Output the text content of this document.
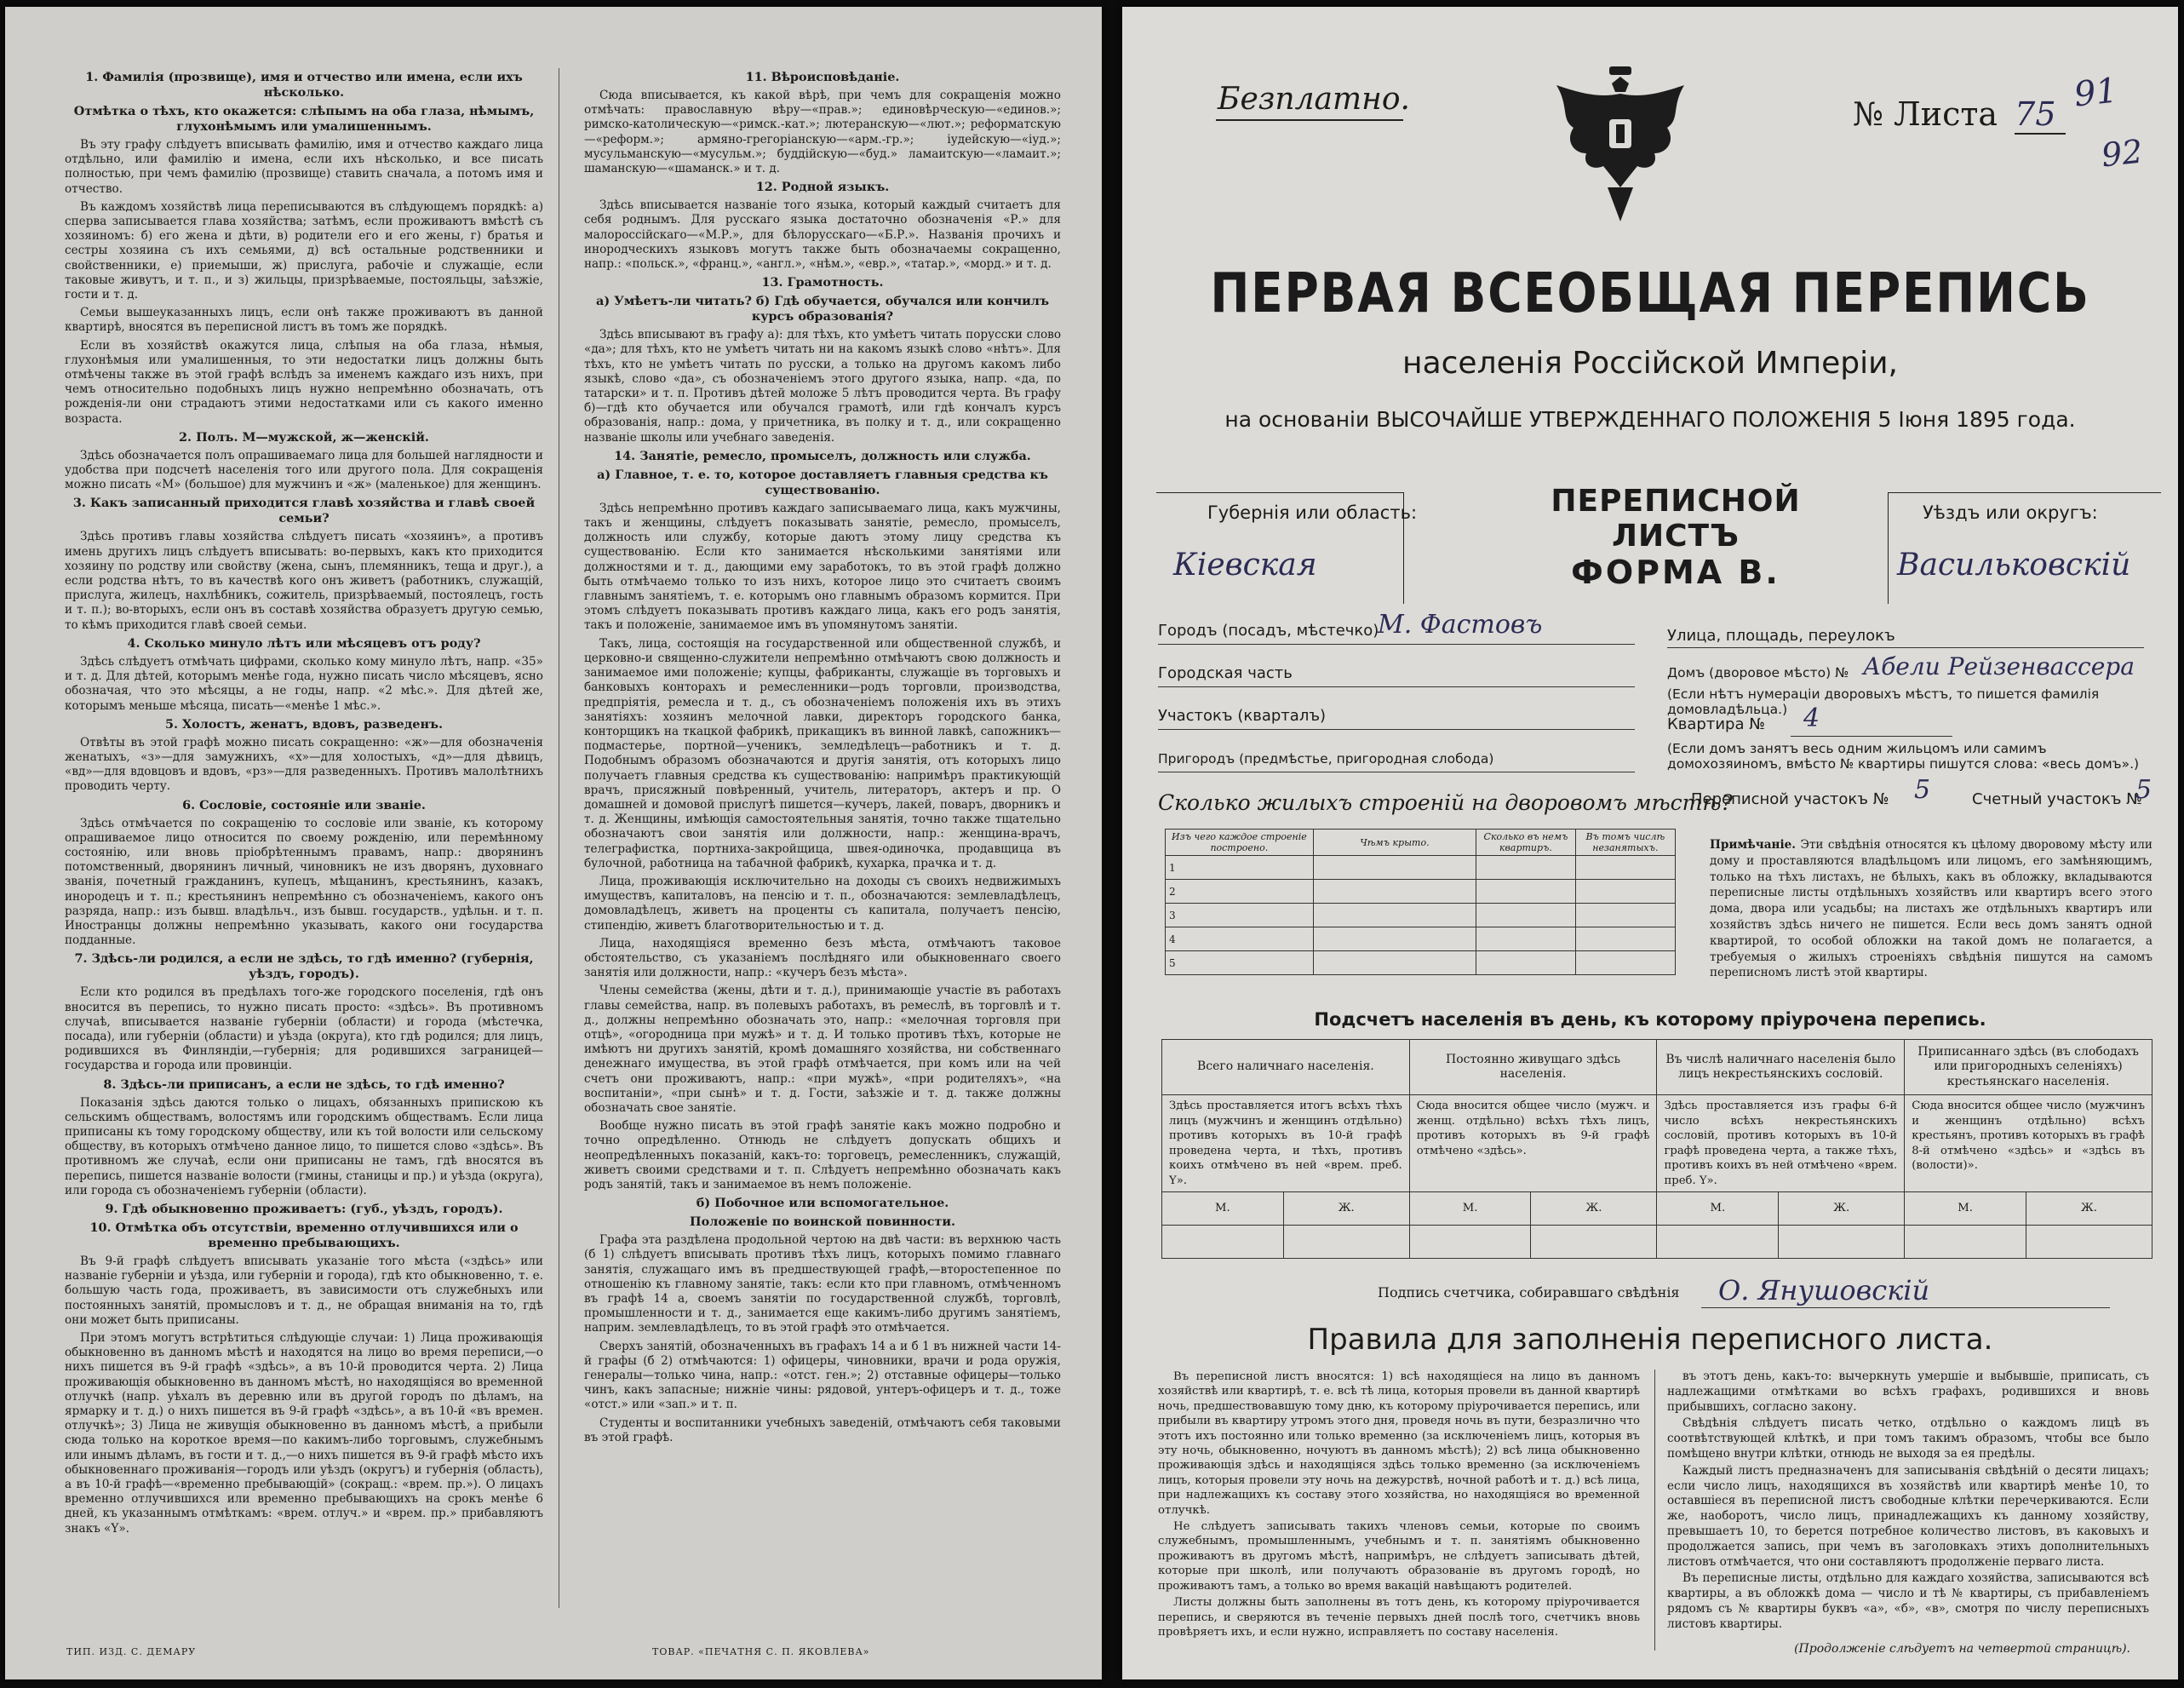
1. Фамилія (прозвище), имя и отчество или имена, если ихъ нѣсколько.
Отмѣтка о тѣхъ, кто окажется: слѣпымъ на оба глаза, нѣмымъ, глухонѣмымъ или умалишеннымъ.

Въ эту графу слѣдуетъ вписывать фамилію, имя и отчество каждаго лица отдѣльно, или фамилію и имена, если ихъ нѣсколько, и все писать полностью, при чемъ фамилію (прозвище) ставить сначала, а потомъ имя и отчество.

Въ каждомъ хозяйствѣ лица переписываются въ слѣдующемъ порядкѣ: а) сперва записывается глава хозяйства; затѣмъ, если проживаютъ вмѣстѣ съ хозяиномъ: б) его жена и дѣти, в) родители его и его жены, г) братья и сестры хозяина съ ихъ семьями, д) всѣ остальные родственники и свойственники, е) приемыши, ж) прислуга, рабочіе и служащіе, если таковые живутъ, и т. п., и з) жильцы, призрѣваемые, постояльцы, заѣзжіе, гости и т. д.

Семьи вышеуказанныхъ лицъ, если онѣ также проживаютъ въ данной квартирѣ, вносятся въ переписной листъ въ томъ же порядкѣ.

Если въ хозяйствѣ окажутся лица, слѣпыя на оба глаза, нѣмыя, глухонѣмыя или умалишенныя, то эти недостатки лицъ должны быть отмѣчены также въ этой графѣ вслѣдъ за именемъ каждаго изъ нихъ, при чемъ относительно подобныхъ лицъ нужно непремѣнно обозначать, отъ рожденія-ли они страдаютъ этими недостатками или съ какого именно возраста.

2. Полъ. М—мужской, ж—женскій.

Здѣсь обозначается полъ опрашиваемаго лица для большей наглядности и удобства при подсчетѣ населенія того или другого пола. Для сокращенія можно писать «М» (большое) для мужчинъ и «ж» (маленькое) для женщинъ.

3. Какъ записанный приходится главѣ хозяйства и главѣ своей семьи?

Здѣсь противъ главы хозяйства слѣдуетъ писать «хозяинъ», а противъ имень другихъ лицъ слѣдуетъ вписывать: во-первыхъ, какъ кто приходится хозяину по родству или свойству (жена, сынъ, племянникъ, теща и друг.), а если родства нѣтъ, то въ качествѣ кого онъ живетъ (работникъ, служащій, прислуга, жилецъ, нахлѣбникъ, сожитель, призрѣваемый, постоялецъ, гость и т. п.); во-вторыхъ, если онъ въ составѣ хозяйства образуетъ другую семью, то кѣмъ приходится главѣ своей семьи.

4. Сколько минуло лѣтъ или мѣсяцевъ отъ роду?

Здѣсь слѣдуетъ отмѣчать цифрами, сколько кому минуло лѣтъ, напр. «35» и т. д. Для дѣтей, которымъ менѣе года, нужно писать число мѣсяцевъ, ясно обозначая, что это мѣсяцы, а не годы, напр. «2 мѣс.». Для дѣтей же, которымъ меньше мѣсяца, писать—«менѣе 1 мѣс.».

5. Холостъ, женатъ, вдовъ, разведенъ.

Отвѣты въ этой графѣ можно писать сокращенно: «ж»—для обозначенія женатыхъ, «з»—для замужнихъ, «х»—для холостыхъ, «д»—для дѣвицъ, «вд»—для вдовцовъ и вдовъ, «рз»—для разведенныхъ. Противъ малолѣтнихъ проводить черту.

6. Сословіе, состояніе или званіе.

Здѣсь отмѣчается по сокращенію то сословіе или званіе, къ которому опрашиваемое лицо относится по своему рожденію, или перемѣнному состоянію, или вновь пріобрѣтеннымъ правамъ, напр.: дворянинъ потомственный, дворянинъ личный, чиновникъ не изъ дворянъ, духовнаго званія, почетный гражданинъ, купецъ, мѣщанинъ, крестьянинъ, казакъ, инородецъ и т. п.; крестьянинъ непремѣнно съ обозначеніемъ, какого онъ разряда, напр.: изъ бывш. владѣльч., изъ бывш. государств., удѣльн. и т. п. Иностранцы должны непремѣнно указывать, какого они государства подданные.

7. Здѣсь-ли родился, а если не здѣсь, то гдѣ именно? (губернія, уѣздъ, городъ).

Если кто родился въ предѣлахъ того-же городского поселенія, гдѣ онъ вносится въ перепись, то нужно писать просто: «здѣсь». Въ противномъ случаѣ, вписывается названіе губерніи (области) и города (мѣстечка, посада), или губерніи (области) и уѣзда (округа), кто гдѣ родился; для лицъ, родившихся въ Финляндіи,—губернія; для родившихся заграницей—государства и города или провинціи.

8. Здѣсь-ли приписанъ, а если не здѣсь, то гдѣ именно?

Показанія здѣсь даются только о лицахъ, обязанныхъ припискою къ сельскимъ обществамъ, волостямъ или городскимъ обществамъ. Если лица приписаны къ тому городскому обществу, или къ той волости или сельскому обществу, въ которыхъ отмѣчено данное лицо, то пишется слово «здѣсь». Въ противномъ же случаѣ, если они приписаны не тамъ, гдѣ вносятся въ перепись, пишется названіе волости (гмины, станицы и пр.) и уѣзда (округа), или города съ обозначеніемъ губерніи (области).

9. Гдѣ обыкновенно проживаетъ: (губ., уѣздъ, городъ).
10. Отмѣтка объ отсутствіи, временно отлучившихся или о временно пребывающихъ.

Въ 9-й графѣ слѣдуетъ вписывать указаніе того мѣста («здѣсь» или названіе губерніи и уѣзда, или губерніи и города), гдѣ кто обыкновенно, т. е. большую часть года, проживаетъ, въ зависимости отъ служебныхъ или постоянныхъ занятій, промысловъ и т. д., не обращая вниманія на то, гдѣ они может быть приписаны.

При этомъ могутъ встрѣтиться слѣдующіе случаи: 1) Лица проживающія обыкновенно въ данномъ мѣстѣ и находятся на лицо во время переписи,—о нихъ пишется въ 9-й графѣ «здѣсь», а въ 10-й проводится черта. 2) Лица проживающія обыкновенно въ данномъ мѣстѣ, но находящіяся во временной отлучкѣ (напр. уѣхалъ въ деревню или въ другой городъ по дѣламъ, на ярмарку и т. д.) о нихъ пишется въ 9-й графѣ «здѣсь», а въ 10-й «въ времен. отлучкѣ»; 3) Лица не живущія обыкновенно въ данномъ мѣстѣ, а прибыли сюда только на короткое время—по какимъ-либо торговымъ, служебнымъ или инымъ дѣламъ, въ гости и т. д.,—о нихъ пишется въ 9-й графѣ мѣсто ихъ обыкновеннаго проживанія—городъ или уѣздъ (округъ) и губернія (область), а въ 10-й графѣ—«временно пребывающій» (сокращ.: «врем. пр.»). О лицахъ временно отлучившихся или временно пребывающихъ на срокъ менѣе 6 дней, къ указаннымъ отмѣткамъ: «врем. отлуч.» и «врем. пр.» прибавляютъ знакъ «Y».

11. Вѣроисповѣданіе.

Сюда вписывается, къ какой вѣрѣ, при чемъ для сокращенія можно отмѣчать: православную вѣру—«прав.»; единовѣрческую—«единов.»; римско-католическую—«римск.-кат.»; лютеранскую—«лют.»; реформатскую—«реформ.»; армяно-грегоріанскую—«арм.-гр.»; іудейскую—«іуд.»; мусульманскую—«мусульм.»; буддійскую—«буд.» ламаитскую—«ламаит.»; шаманскую—«шаманск.» и т. д.

12. Родной языкъ.

Здѣсь вписывается названіе того языка, который каждый считаетъ для себя роднымъ. Для русскаго языка достаточно обозначенія «Р.» для малороссійскаго—«М.Р.», для бѣлорусскаго—«Б.Р.». Названія прочихъ и инородческихъ языковъ могутъ также быть обозначаемы сокращенно, напр.: «польск.», «франц.», «англ.», «нѣм.», «евр.», «татар.», «морд.» и т. д.

13. Грамотность.
а) Умѣетъ-ли читать? б) Гдѣ обучается, обучался или кончилъ курсъ образованія?

Здѣсь вписывают въ графу а): для тѣхъ, кто умѣетъ читать порусски слово «да»; для тѣхъ, кто не умѣетъ читать ни на какомъ языкѣ слово «нѣтъ». Для тѣхъ, кто не умѣетъ читать по русски, а только на другомъ какомъ либо языкѣ, слово «да», съ обозначеніемъ этого другого языка, напр. «да, по татарски» и т. п. Противъ дѣтей моложе 5 лѣтъ проводится черта. Въ графу б)—гдѣ кто обучается или обучался грамотѣ, или гдѣ кончалъ курсъ образованія, напр.: дома, у причетника, въ полку и т. д., или сокращенно названіе школы или учебнаго заведенія.

14. Занятіе, ремесло, промыселъ, должность или служба.
а) Главное, т. е. то, которое доставляетъ главныя средства къ существованію.

Здѣсь непремѣнно противъ каждаго записываемаго лица, какъ мужчины, такъ и женщины, слѣдуетъ показывать занятіе, ремесло, промыселъ, должность или службу, которые даютъ этому лицу средства къ существованію. Если кто занимается нѣсколькими занятіями или должностями и т. д., дающими ему заработокъ, то въ этой графѣ должно быть отмѣчаемо только то изъ нихъ, которое лицо это считаетъ своимъ главнымъ занятіемъ, т. е. которымъ оно главнымъ образомъ кормится. При этомъ слѣдуетъ показывать противъ каждаго лица, какъ его родъ занятія, такъ и положеніе, занимаемое имъ въ упомянутомъ занятіи.

Такъ, лица, состоящія на государственной или общественной службѣ, и церковно-и священно-служители непремѣнно отмѣчаютъ свою должность и занимаемое ими положеніе; купцы, фабриканты, служащіе въ торговыхъ и банковыхъ конторахъ и ремесленники—родъ торговли, производства, предпріятія, ремесла и т. д., съ обозначеніемъ положенія ихъ въ этихъ занятіяхъ: хозяинъ мелочной лавки, директоръ городского банка, конторщикъ на ткацкой фабрикѣ, прикащикъ въ винной лавкѣ, сапожникъ—подмастерье, портной—ученикъ, земледѣлецъ—работникъ и т. д. Подобнымъ образомъ обозначаются и другія занятія, отъ которыхъ лицо получаетъ главныя средства къ существованію: напримѣръ практикующій врачъ, присяжный повѣренный, учитель, литераторъ, актеръ и пр. О домашней и домовой прислугѣ пишется—кучеръ, лакей, поваръ, дворникъ и т. д. Женщины, имѣющія самостоятельныя занятія, точно также тщательно обозначаютъ свои занятія или должности, напр.: женщина-врачъ, телеграфистка, портниха-закройщица, швея-одиночка, продавщица въ булочной, работница на табачной фабрикѣ, кухарка, прачка и т. д.

Лица, проживающія исключительно на доходы съ своихъ недвижимыхъ имуществъ, капиталовъ, на пенсію и т. п., обозначаются: землевладѣлецъ, домовладѣлецъ, живетъ на проценты съ капитала, получаетъ пенсію, стипендію, живетъ благотворительностью и т. д.

Лица, находящіяся временно безъ мѣста, отмѣчаютъ таковое обстоятельство, съ указаніемъ послѣдняго или обыкновеннаго своего занятія или должности, напр.: «кучеръ безъ мѣста».

Члены семейства (жены, дѣти и т. д.), принимающіе участіе въ работахъ главы семейства, напр. въ полевыхъ работахъ, въ ремеслѣ, въ торговлѣ и т. д., должны непремѣнно обозначать это, напр.: «мелочная торговля при отцѣ», «огородница при мужѣ» и т. д. И только противъ тѣхъ, которые не имѣютъ ни другихъ занятій, кромѣ домашняго хозяйства, ни собственнаго денежнаго имущества, въ этой графѣ отмѣчается, при комъ или на чей счетъ они проживаютъ, напр.: «при мужѣ», «при родителяхъ», «на воспитаніи», «при сынѣ» и т. д. Гости, заѣзжіе и т. д. также должны обозначать свое занятіе.

Вообще нужно писать въ этой графѣ занятіе какъ можно подробно и точно опредѣленно. Отнюдь не слѣдуетъ допускать общихъ и неопредѣленныхъ показаній, какъ-то: торговецъ, ремесленникъ, служащій, живетъ своими средствами и т. п. Слѣдуетъ непремѣнно обозначать какъ родъ занятій, такъ и занимаемое въ немъ положеніе.

б) Побочное или вспомогательное.
Положеніе по воинской повинности.

Графа эта раздѣлена продольной чертою на двѣ части: въ верхнюю часть (б 1) слѣдуетъ вписывать противъ тѣхъ лицъ, которыхъ помимо главнаго занятія, служащаго имъ въ предшествующей графѣ,—второстепенное по отношенію къ главному занятіе, такъ: если кто при главномъ, отмѣченномъ въ графѣ 14 а, своемъ занятіи по государственной службѣ, торговлѣ, промышленности и т. д., занимается еще какимъ-либо другимъ занятіемъ, наприм. землевладѣлецъ, то въ этой графѣ это отмѣчается.

Сверхъ занятій, обозначенныхъ въ графахъ 14 а и б 1 въ нижней части 14-й графы (б 2) отмѣчаются: 1) офицеры, чиновники, врачи и рода оружія, генералы—только чина, напр.: «отст. ген.»; 2) отставные офицеры—только чинъ, какъ запасные; нижніе чины: рядовой, унтеръ-офицеръ и т. д., тоже «отст.» или «зап.» и т. п.

Студенты и воспитанники учебныхъ заведеній, отмѣчаютъ себя таковыми въ этой графѣ.

ТИП. ИЗД. С. ДЕМАРУ	ТОВАР. «ПЕЧАТНЯ С. П. ЯКОВЛЕВА»
Безплатно.	№ Листа 75 91
92
ПЕРВАЯ ВСЕОБЩАЯ ПЕРЕПИСЬ
населенія Россійской Имперіи,
на основаніи ВЫСОЧАЙШЕ УТВЕРЖДЕННАГО ПОЛОЖЕНІЯ 5 Іюня 1895 года.
Губернія или область:
Кіевская
ПЕРЕПИСНОЙ ЛИСТЪ
ФОРМА В.
Уѣздъ или округъ:
Васильковскій
Городъ (посадъ, мѣстечко)
М. Фастовъ
Городская часть
Участокъ (кварталъ)
Пригородъ (предмѣстье, пригородная слобода)
Улица, площадь, переулокъ
Домъ (дворовое мѣсто) № Абели Рейзенвассера
(Если нѣтъ нумераціи дворовыхъ мѣстъ, то пишется фамилія домовладѣльца.)
Квартира № 4
(Если домъ занятъ весь одним жильцомъ или самимъ домохозяиномъ, вмѣсто № квартиры пишутся слова: «весь домъ».)
Переписной участокъ № 5	Счетный участокъ №
5
Сколько жилыхъ строеній на дворовомъ мѣстѣ?
Изъ чего каждое строеніе построено.	Чѣмъ крыто.	Сколько въ немъ квартиръ.	Въ томъ числѣ незанятыхъ.
1			
2			
3			
4			
5			
Примѣчаніе. Эти свѣдѣнія относятся къ цѣлому дворовому мѣсту или дому и проставляются владѣльцомъ или лицомъ, его замѣняющимъ, только на тѣхъ листахъ, не бѣлыхъ, какъ въ обложку, вкладываются переписные листы отдѣльныхъ хозяйствъ или квартиръ всего этого дома, двора или усадьбы; на листахъ же отдѣльныхъ квартиръ или хозяйствъ здѣсь ничего не пишется. Если весь домъ занятъ одной квартирой, то особой обложки на такой домъ не полагается, а требуемыя о жилыхъ строеніяхъ свѣдѣнія пишутся на самомъ переписномъ листѣ этой квартиры.
Подсчетъ населенія въ день, къ которому пріурочена перепись.
Всего наличнаго населенія.		Постоянно живущаго здѣсь населенія.		Въ числѣ наличнаго населенія было лицъ некрестьянскихъ сословій.		Приписаннаго здѣсь (въ слободахъ или пригородныхъ селеніяхъ) крестьянскаго населенія.	
Здѣсь проставляется итогъ всѣхъ тѣхъ лицъ (мужчинъ и женщинъ отдѣльно) противъ которыхъ въ 10-й графѣ проведена черта, и тѣхъ, противъ коихъ отмѣчено въ ней «врем. преб. Y».		Сюда вносится общее число (мужч. и женщ. отдѣльно) всѣхъ тѣхъ лицъ, противъ которыхъ въ 9-й графѣ отмѣчено «здѣсь».		Здѣсь проставляется изъ графы 6-й число всѣхъ некрестьянскихъ сословій, противъ которыхъ въ 10-й графѣ проведена черта, а также тѣхъ, противъ коихъ въ ней отмѣчено «врем. преб. Y».		Сюда вносится общее число (мужчинъ и женщинъ отдѣльно) всѣхъ крестьянъ, противъ которыхъ въ графѣ 8-й отмѣчено «здѣсь» и «здѣсь въ (волости)».	
М.	Ж.	М.	Ж.	М.	Ж.	М.	Ж.

Подпись счетчика, собиравшаго свѣдѣнія О. Янушовскій
Правила для заполненія переписного листа.

Въ переписной листъ вносятся: 1) всѣ находящіеся на лицо въ данномъ хозяйствѣ или квартирѣ, т. е. всѣ тѣ лица, которыя провели въ данной квартирѣ ночь, предшествовавшую тому дню, къ которому пріурочивается перепись, или прибыли въ квартиру утромъ этого дня, проведя ночь въ пути, безразлично что этотъ ихъ постоянно или только временно (за исключеніемъ лицъ, которыя въ эту ночь, обыкновенно, ночуютъ въ данномъ мѣстѣ); 2) всѣ лица обыкновенно проживающія здѣсь и находящіяся здѣсь только временно (за исключеніемъ лицъ, которыя провели эту ночь на дежурствѣ, ночной работѣ и т. д.) всѣ лица, при надлежащихъ къ составу этого хозяйства, но находящіяся во временной отлучкѣ.

Не слѣдуетъ записывать такихъ членовъ семьи, которые по своимъ служебнымъ, промышленнымъ, учебнымъ и т. п. занятіямъ обыкновенно проживаютъ въ другомъ мѣстѣ, напримѣръ, не слѣдуетъ записывать дѣтей, которые при школѣ, или получаютъ образованіе въ другомъ городѣ, но проживаютъ тамъ, а только во время вакацій навѣщаютъ родителей.

Листы должны быть заполнены въ тотъ день, къ которому пріурочивается перепись, и сверяются въ теченіе первыхъ дней послѣ того, счетчикъ вновь провѣряетъ ихъ, и если нужно, исправляетъ по составу населенія.

въ этотъ день, какъ-то: вычеркнуть умершіе и выбывшіе, приписать, съ надлежащими отмѣтками во всѣхъ графахъ, родившихся и вновь прибывшихъ, согласно закону.

Свѣдѣнія слѣдуетъ писать четко, отдѣльно о каждомъ лицѣ въ соотвѣтствующей клѣткѣ, и при томъ такимъ образомъ, чтобы все было помѣщено внутри клѣтки, отнюдь не выходя за ея предѣлы.

Каждый листъ предназначенъ для записыванія свѣдѣній о десяти лицахъ; если число лицъ, находящихся въ хозяйствѣ или квартирѣ менѣе 10, то оставшіеся въ переписной листъ свободные клѣтки перечеркиваются. Если же, наоборотъ, число лицъ, принадлежащихъ къ данному хозяйству, превышаетъ 10, то берется потребное количество листовъ, въ каковыхъ и продолжается запись, при чемъ въ заголовкахъ этихъ дополнительныхъ листовъ отмѣчается, что они составляютъ продолженіе перваго листа.

Въ переписные листы, отдѣльно для каждаго хозяйства, записываются всѣ квартиры, а въ обложкѣ дома — число и тѣ № квартиры, съ прибавленіемъ рядомъ съ № квартиры буквъ «а», «б», «в», смотря по числу переписныхъ листовъ квартиры.

(Продолженіе слѣдуетъ на четвертой страницѣ).
